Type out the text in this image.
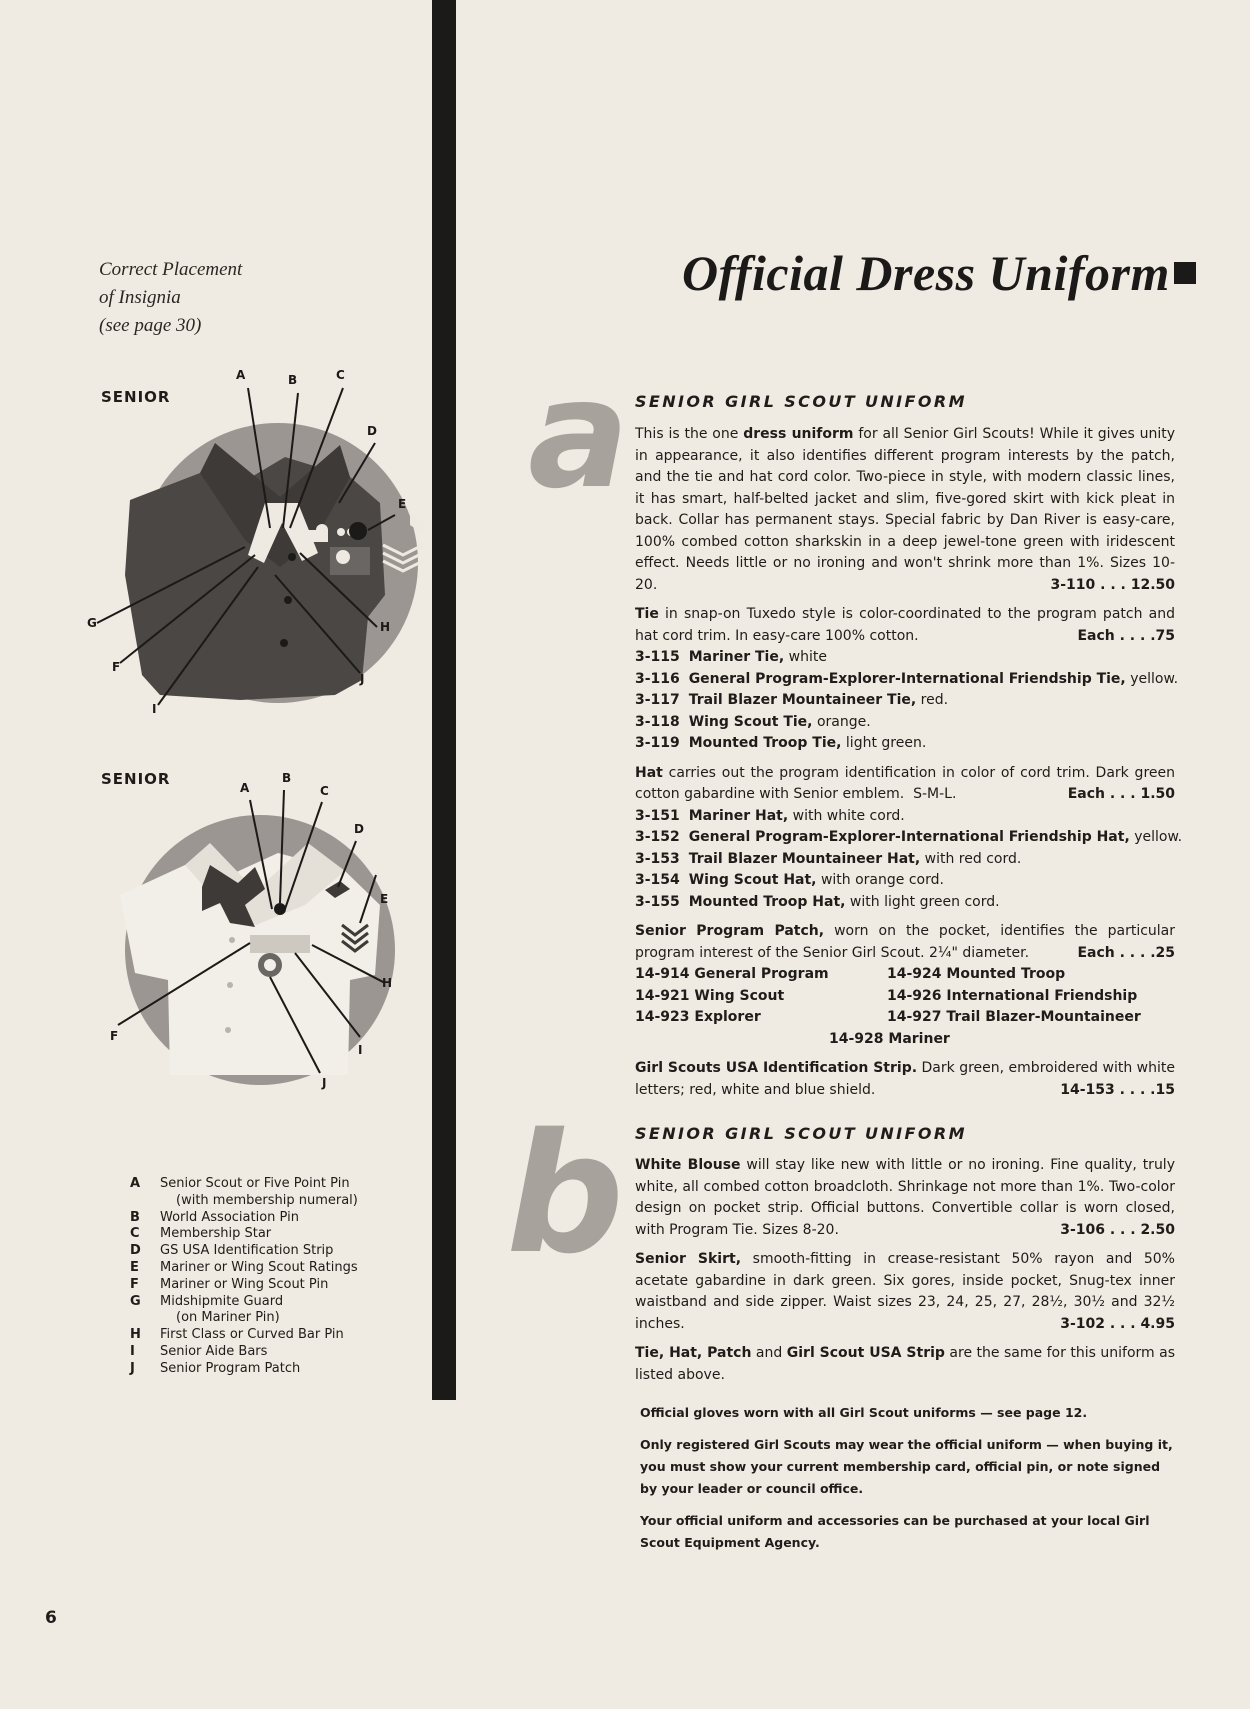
Correct Placement
of Insignia
(see page 30)
SENIOR
A	B	C
D
E
G
F
I
H
J
SENIOR	A
B
C
D
E
F
H
I
J
A	Senior Scout or Five Point Pin
(with membership numeral)
B	World Association Pin
C	Membership Star
D	GS USA Identification Strip
E	Mariner or Wing Scout Ratings
F	Mariner or Wing Scout Pin
G	Midshipmite Guard
(on Mariner Pin)
H	First Class or Curved Bar Pin
I	Senior Aide Bars
J	Senior Program Patch
6
Official Dress Uniform
a
b
SENIOR GIRL SCOUT UNIFORM
This is the one dress uniform for all Senior Girl Scouts! While it gives unity in appearance, it also identifies different program interests by the patch, and the tie and hat cord color. Two-piece in style, with modern classic lines, it has smart, half-belted jacket and slim, five-gored skirt with kick pleat in back. Collar has permanent stays. Special fabric by Dan River is easy-care, 100% combed cotton sharkskin in a deep jewel-tone green with iridescent effect. Needs little or no ironing and won't shrink more than 1%. Sizes 10-20.	3-110 . . . 12.50
Tie in snap-on Tuxedo style is color-coordinated to the program patch and hat cord trim. In easy-care 100% cotton.	Each . . . .75
3-115 Mariner Tie, white
3-116 General Program-Explorer-International Friendship Tie, yellow.
3-117 Trail Blazer Mountaineer Tie, red.
3-118 Wing Scout Tie, orange.
3-119 Mounted Troop Tie, light green.
Hat carries out the program identification in color of cord trim. Dark green cotton gabardine with Senior emblem. S-M-L.	Each . . . 1.50
3-151 Mariner Hat, with white cord.
3-152 General Program-Explorer-International Friendship Hat, yellow.
3-153 Trail Blazer Mountaineer Hat, with red cord.
3-154 Wing Scout Hat, with orange cord.
3-155 Mounted Troop Hat, with light green cord.
Senior Program Patch, worn on the pocket, identifies the particular program interest of the Senior Girl Scout. 2¼" diameter.	Each . . . .25
14-914 General Program	14-924 Mounted Troop
14-921 Wing Scout	14-926 International Friendship
14-923 Explorer	14-927 Trail Blazer-Mountaineer
14-928 Mariner
Girl Scouts USA Identification Strip. Dark green, embroidered with white letters; red, white and blue shield.	14-153 . . . .15
SENIOR GIRL SCOUT UNIFORM
White Blouse will stay like new with little or no ironing. Fine quality, truly white, all combed cotton broadcloth. Shrinkage not more than 1%. Two-color design on pocket strip. Official buttons. Convertible collar is worn closed, with Program Tie. Sizes 8-20.	3-106 . . . 2.50
Senior Skirt, smooth-fitting in crease-resistant 50% rayon and 50% acetate gabardine in dark green. Six gores, inside pocket, Snug-tex inner waistband and side zipper. Waist sizes 23, 24, 25, 27, 28½, 30½ and 32½ inches.	3-102 . . . 4.95
Tie, Hat, Patch and Girl Scout USA Strip are the same for this uniform as listed above.

Official gloves worn with all Girl Scout uniforms — see page 12.

Only registered Girl Scouts may wear the official uniform — when buying it, you must show your current membership card, official pin, or note signed by your leader or council office.

Your official uniform and accessories can be purchased at your local Girl Scout Equipment Agency.
